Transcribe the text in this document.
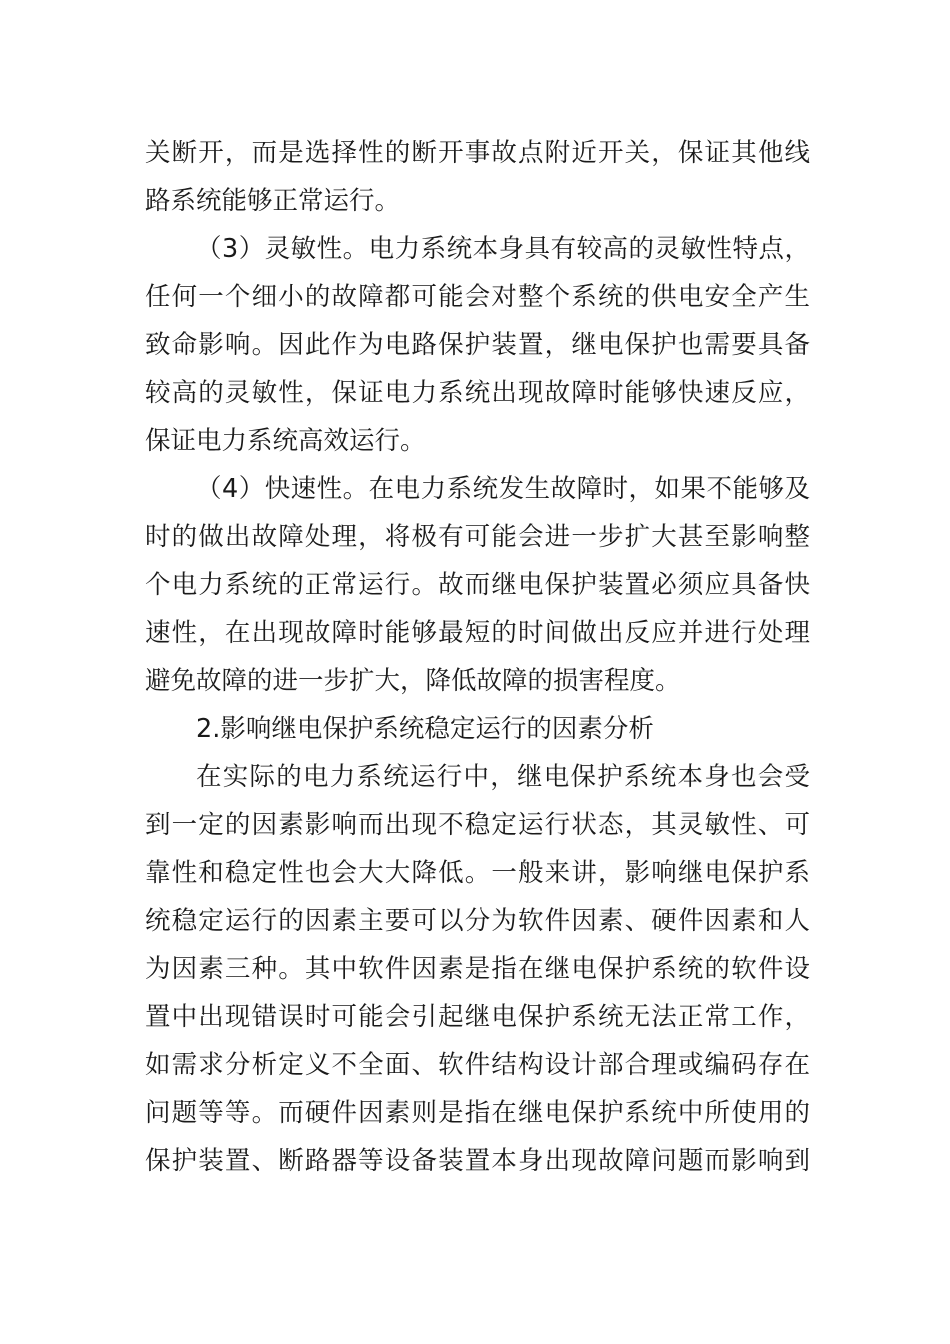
关断开，而是选择性的断开事故点附近开关，保证其他线
路系统能够正常运行。
（3）灵敏性。电力系统本身具有较高的灵敏性特点，
任何一个细小的故障都可能会对整个系统的供电安全产生
致命影响。因此作为电路保护装置，继电保护也需要具备
较高的灵敏性，保证电力系统出现故障时能够快速反应，
保证电力系统高效运行。
（4）快速性。在电力系统发生故障时，如果不能够及
时的做出故障处理，将极有可能会进一步扩大甚至影响整
个电力系统的正常运行。故而继电保护装置必须应具备快
速性，在出现故障时能够最短的时间做出反应并进行处理
避免故障的进一步扩大，降低故障的损害程度。
2.影响继电保护系统稳定运行的因素分析
在实际的电力系统运行中，继电保护系统本身也会受
到一定的因素影响而出现不稳定运行状态，其灵敏性、可
靠性和稳定性也会大大降低。一般来讲，影响继电保护系
统稳定运行的因素主要可以分为软件因素、硬件因素和人
为因素三种。其中软件因素是指在继电保护系统的软件设
置中出现错误时可能会引起继电保护系统无法正常工作，
如需求分析定义不全面、软件结构设计部合理或编码存在
问题等等。而硬件因素则是指在继电保护系统中所使用的
保护装置、断路器等设备装置本身出现故障问题而影响到
